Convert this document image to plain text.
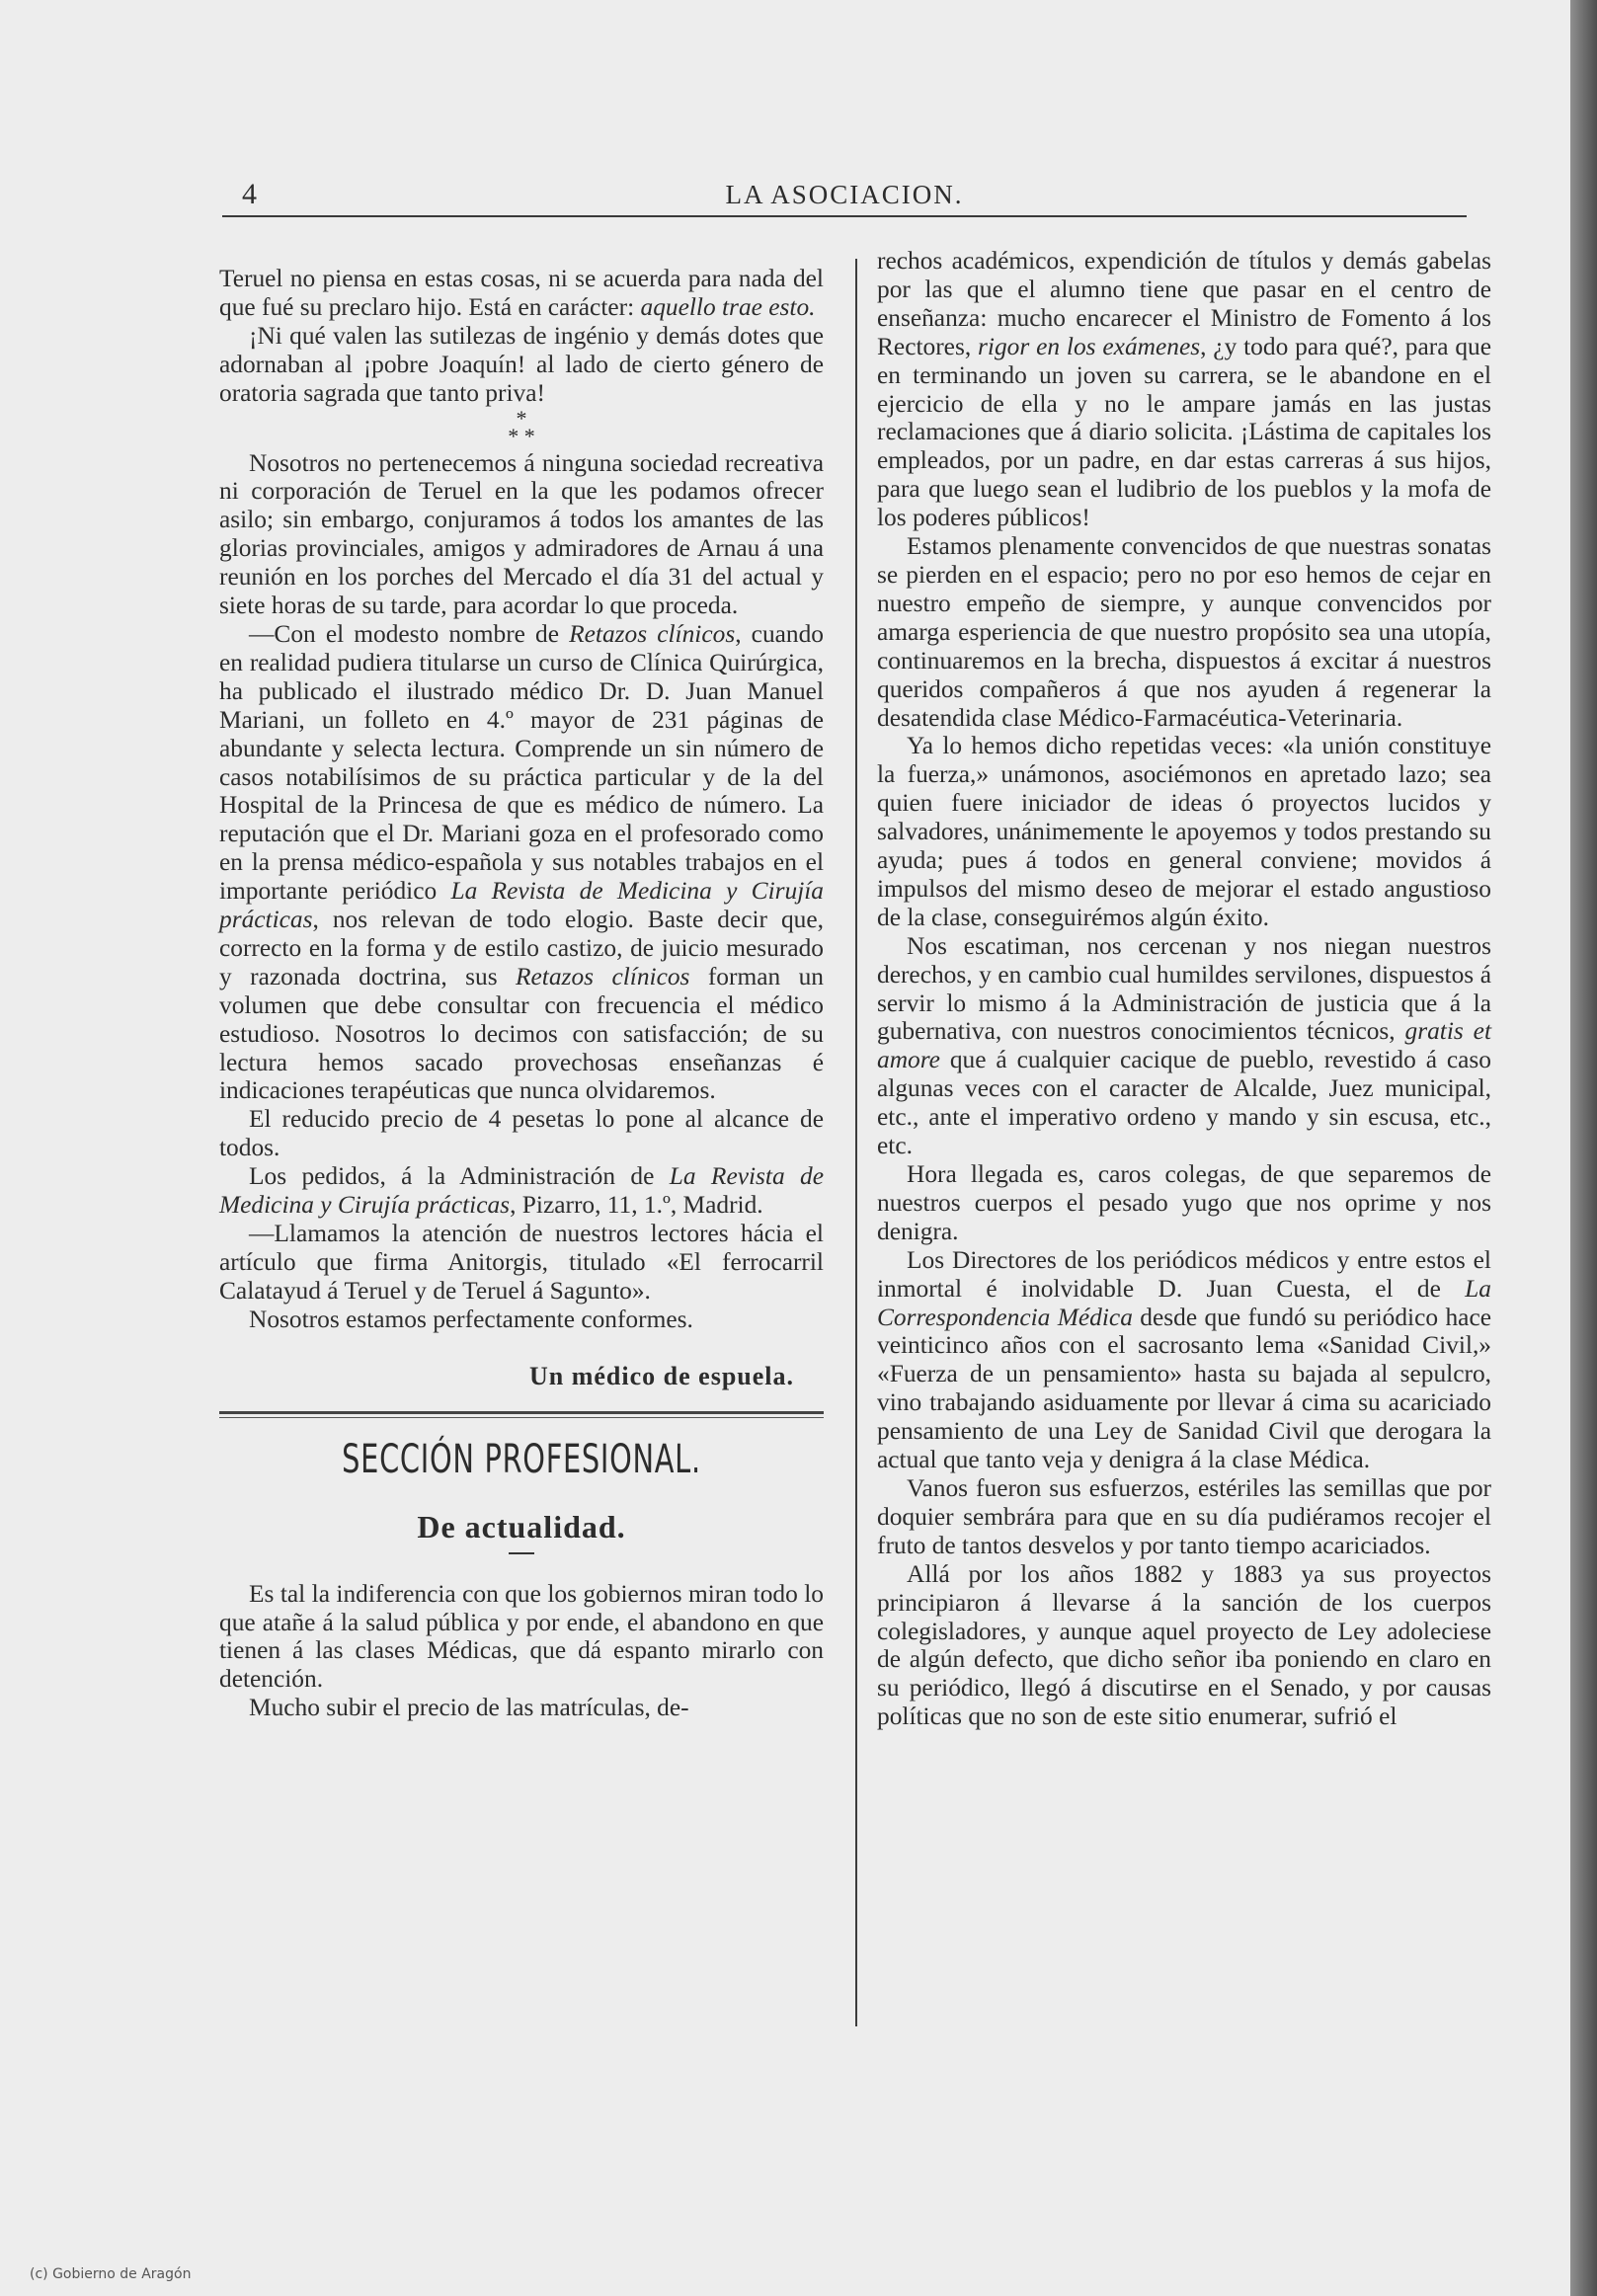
4	LA ASOCIACION.

Teruel no piensa en estas cosas, ni se acuerda para nada del que fué su preclaro hijo. Está en carácter: aquello trae esto.

¡Ni qué valen las sutilezas de ingénio y demás dotes que adornaban al ¡pobre Joaquín! al lado de cierto género de oratoria sagrada que tanto priva!

*
* *

Nosotros no pertenecemos á ninguna sociedad recreativa ni corporación de Teruel en la que les podamos ofrecer asilo; sin embargo, conjuramos á todos los amantes de las glorias provinciales, amigos y admiradores de Arnau á una reunión en los porches del Mercado el día 31 del actual y siete horas de su tarde, para acordar lo que proceda.

—Con el modesto nombre de Retazos clínicos, cuando en realidad pudiera titularse un curso de Clínica Quirúrgica, ha publicado el ilustrado médico Dr. D. Juan Manuel Mariani, un folleto en 4.º mayor de 231 páginas de abundante y selecta lectura. Comprende un sin número de casos notabilísimos de su práctica particular y de la del Hospital de la Princesa de que es médico de número. La reputación que el Dr. Mariani goza en el profesorado como en la prensa médico-española y sus notables trabajos en el importante periódico La Revista de Medicina y Cirujía prácticas, nos relevan de todo elogio. Baste decir que, correcto en la forma y de estilo castizo, de juicio mesurado y razonada doctrina, sus Retazos clínicos forman un volumen que debe consultar con frecuencia el médico estudioso. Nosotros lo decimos con satisfacción; de su lectura hemos sacado provechosas enseñanzas é indicaciones terapéuticas que nunca olvidaremos.

El reducido precio de 4 pesetas lo pone al alcance de todos.

Los pedidos, á la Administración de La Revista de Medicina y Cirujía prácticas, Pizarro, 11, 1.º, Madrid.

—Llamamos la atención de nuestros lectores hácia el artículo que firma Anitorgis, titulado «El ferrocarril Calatayud á Teruel y de Teruel á Sagunto».

Nosotros estamos perfectamente conformes.

Un médico de espuela.
SECCIÓN PROFESIONAL.
De actualidad.

Es tal la indiferencia con que los gobiernos miran todo lo que atañe á la salud pública y por ende, el abandono en que tienen á las clases Médicas, que dá espanto mirarlo con detención.

Mucho subir el precio de las matrículas, de-

rechos académicos, expendición de títulos y demás gabelas por las que el alumno tiene que pasar en el centro de enseñanza: mucho encarecer el Ministro de Fomento á los Rectores, rigor en los exámenes, ¿y todo para qué?, para que en terminando un joven su carrera, se le abandone en el ejercicio de ella y no le ampare jamás en las justas reclamaciones que á diario solicita. ¡Lástima de capitales los empleados, por un padre, en dar estas carreras á sus hijos, para que luego sean el ludibrio de los pueblos y la mofa de los poderes públicos!

Estamos plenamente convencidos de que nuestras sonatas se pierden en el espacio; pero no por eso hemos de cejar en nuestro empeño de siempre, y aunque convencidos por amarga esperiencia de que nuestro propósito sea una utopía, continuaremos en la brecha, dispuestos á excitar á nuestros queridos compañeros á que nos ayuden á regenerar la desatendida clase Médico-Farmacéutica-Veterinaria.

Ya lo hemos dicho repetidas veces: «la unión constituye la fuerza,» unámonos, asociémonos en apretado lazo; sea quien fuere iniciador de ideas ó proyectos lucidos y salvadores, unánimemente le apoyemos y todos prestando su ayuda; pues á todos en general conviene; movidos á impulsos del mismo deseo de mejorar el estado angustioso de la clase, conseguirémos algún éxito.

Nos escatiman, nos cercenan y nos niegan nuestros derechos, y en cambio cual humildes servilones, dispuestos á servir lo mismo á la Administración de justicia que á la gubernativa, con nuestros conocimientos técnicos, gratis et amore que á cualquier cacique de pueblo, revestido á caso algunas veces con el caracter de Alcalde, Juez municipal, etc., ante el imperativo ordeno y mando y sin escusa, etc., etc.

Hora llegada es, caros colegas, de que separemos de nuestros cuerpos el pesado yugo que nos oprime y nos denigra.

Los Directores de los periódicos médicos y entre estos el inmortal é inolvidable D. Juan Cuesta, el de La Correspondencia Médica desde que fundó su periódico hace veinticinco años con el sacrosanto lema «Sanidad Civil,» «Fuerza de un pensamiento» hasta su bajada al sepulcro, vino trabajando asiduamente por llevar á cima su acariciado pensamiento de una Ley de Sanidad Civil que derogara la actual que tanto veja y denigra á la clase Médica.

Vanos fueron sus esfuerzos, estériles las semillas que por doquier sembrára para que en su día pudiéramos recojer el fruto de tantos desvelos y por tanto tiempo acariciados.

Allá por los años 1882 y 1883 ya sus proyectos principiaron á llevarse á la sanción de los cuerpos colegisladores, y aunque aquel proyecto de Ley adoleciese de algún defecto, que dicho señor iba poniendo en claro en su periódico, llegó á discutirse en el Senado, y por causas políticas que no son de este sitio enumerar, sufrió el

(c) Gobierno de Aragón
